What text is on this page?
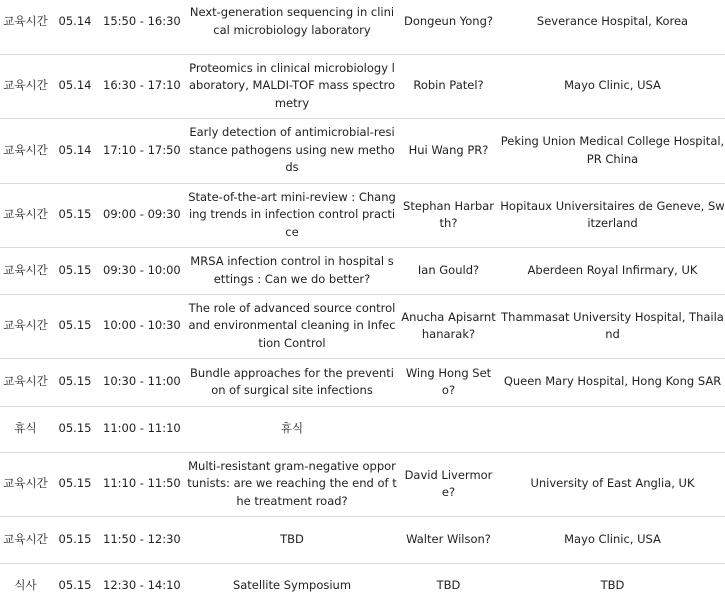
교육시간	05.14	15:50 - 16:30	Next-generation sequencing in clinical microbiology laboratory	Dongeun Yong?	Severance Hospital, Korea
교육시간	05.14	16:30 - 17:10	Proteomics in clinical microbiology laboratory, MALDI-TOF mass spectrometry	Robin Patel?	Mayo Clinic, USA
교육시간	05.14	17:10 - 17:50	Early detection of antimicrobial-resistance pathogens using new methods	Hui Wang PR?	Peking Union Medical College Hospital, PR China
교육시간	05.15	09:00 - 09:30	State-of-the-art mini-review : Changing trends in infection control practice	Stephan Harbarth?	Hopitaux Universitaires de Geneve, Switzerland
교육시간	05.15	09:30 - 10:00	MRSA infection control in hospital settings : Can we do better?	Ian Gould?	Aberdeen Royal Infirmary, UK
교육시간	05.15	10:00 - 10:30	The role of advanced source control and environmental cleaning in Infection Control	Anucha Apisarnthanarak?	Thammasat University Hospital, Thailand
교육시간	05.15	10:30 - 11:00	Bundle approaches for the prevention of surgical site infections	Wing Hong Seto?	Queen Mary Hospital, Hong Kong SAR
휴식	05.15	11:00 - 11:10	휴식		
교육시간	05.15	11:10 - 11:50	Multi-resistant gram-negative opportunists: are we reaching the end of the treatment road?	David Livermore?	University of East Anglia, UK
교육시간	05.15	11:50 - 12:30	TBD	Walter Wilson?	Mayo Clinic, USA
식사	05.15	12:30 - 14:10	Satellite Symposium	TBD	TBD
